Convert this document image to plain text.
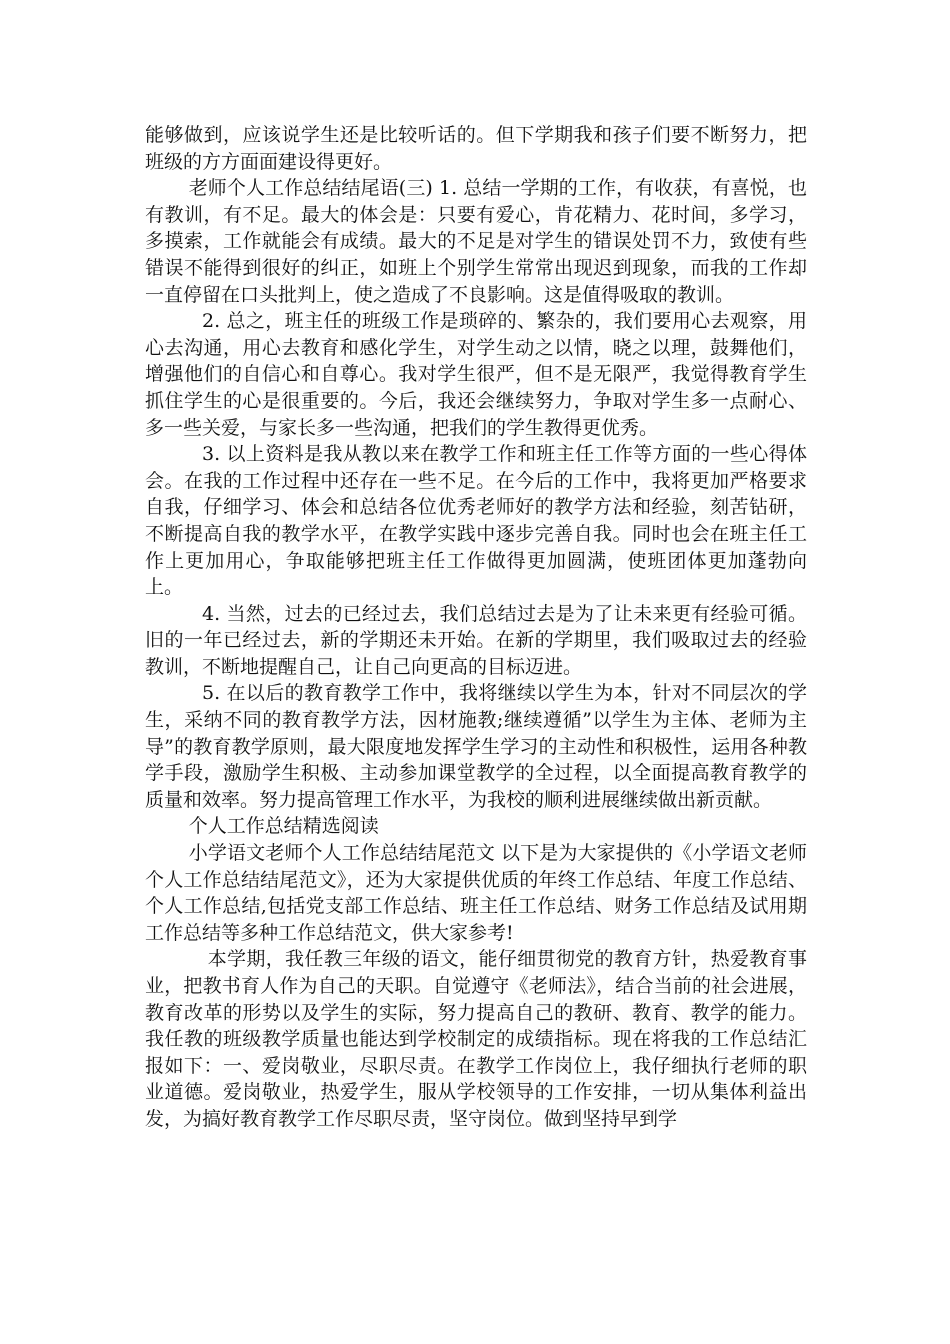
能够做到，应该说学生还是比较听话的。但下学期我和孩子们要不断努力，把班级的方方面面建设得更好。

老师个人工作总结结尾语(三) 1. 总结一学期的工作，有收获，有喜悦，也有教训，有不足。最大的体会是：只要有爱心，肯花精力、花时间，多学习，多摸索，工作就能会有成绩。最大的不足是对学生的错误处罚不力，致使有些错误不能得到很好的纠正，如班上个别学生常常出现迟到现象，而我的工作却一直停留在口头批判上，使之造成了不良影响。这是值得吸取的教训。

2. 总之，班主任的班级工作是琐碎的、繁杂的，我们要用心去观察，用心去沟通，用心去教育和感化学生，对学生动之以情，晓之以理，鼓舞他们，增强他们的自信心和自尊心。我对学生很严，但不是无限严，我觉得教育学生抓住学生的心是很重要的。今后，我还会继续努力，争取对学生多一点耐心、多一些关爱，与家长多一些沟通，把我们的学生教得更优秀。

3. 以上资料是我从教以来在教学工作和班主任工作等方面的一些心得体会。在我的工作过程中还存在一些不足。在今后的工作中，我将更加严格要求自我，仔细学习、体会和总结各位优秀老师好的教学方法和经验，刻苦钻研，不断提高自我的教学水平，在教学实践中逐步完善自我。同时也会在班主任工作上更加用心，争取能够把班主任工作做得更加圆满，使班团体更加蓬勃向上。

4. 当然，过去的已经过去，我们总结过去是为了让未来更有经验可循。旧的一年已经过去，新的学期还未开始。在新的学期里，我们吸取过去的经验教训，不断地提醒自己，让自己向更高的目标迈进。

5. 在以后的教育教学工作中，我将继续以学生为本，针对不同层次的学生，采纳不同的教育教学方法，因材施教;继续遵循”以学生为主体、老师为主导”的教育教学原则，最大限度地发挥学生学习的主动性和积极性，运用各种教学手段，激励学生积极、主动参加课堂教学的全过程，以全面提高教育教学的质量和效率。努力提高管理工作水平，为我校的顺利进展继续做出新贡献。

个人工作总结精选阅读

小学语文老师个人工作总结结尾范文 以下是为大家提供的《小学语文老师个人工作总结结尾范文》，还为大家提供优质的年终工作总结、年度工作总结、个人工作总结,包括党支部工作总结、班主任工作总结、财务工作总结及试用期工作总结等多种工作总结范文，供大家参考!

本学期，我任教三年级的语文，能仔细贯彻党的教育方针，热爱教育事业，把教书育人作为自己的天职。自觉遵守《老师法》，结合当前的社会进展，教育改革的形势以及学生的实际，努力提高自己的教研、教育、教学的能力。我任教的班级教学质量也能达到学校制定的成绩指标。现在将我的工作总结汇报如下：一、爱岗敬业，尽职尽责。在教学工作岗位上，我仔细执行老师的职业道德。爱岗敬业，热爱学生，服从学校领导的工作安排，一切从集体利益出发，为搞好教育教学工作尽职尽责，坚守岗位。做到坚持早到学
